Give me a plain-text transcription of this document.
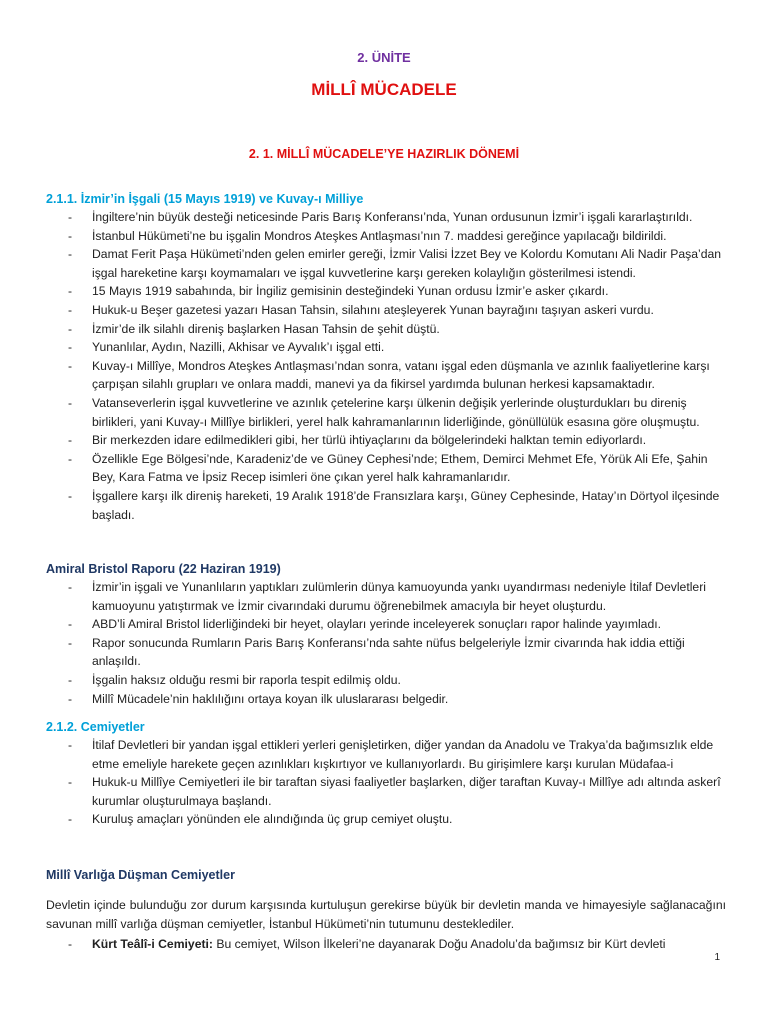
2. ÜNİTE
MİLLÎ MÜCADELE
2. 1. MİLLÎ MÜCADELE’YE HAZIRLIK DÖNEMİ
2.1.1. İzmir’in İşgali (15 Mayıs 1919) ve Kuvay-ı Milliye
- İngiltere’nin büyük desteği neticesinde Paris Barış Konferansı’nda, Yunan ordusunun İzmir’i işgali kararlaştırıldı.
- İstanbul Hükümeti’ne bu işgalin Mondros Ateşkes Antlaşması’nın 7. maddesi gereğince yapılacağı bildirildi.
- Damat Ferit Paşa Hükümeti’nden gelen emirler gereği, İzmir Valisi İzzet Bey ve Kolordu Komutanı Ali Nadir Paşa’dan işgal hareketine karşı koymamaları ve işgal kuvvetlerine karşı gereken kolaylığın gösterilmesi istendi.
- 15 Mayıs 1919 sabahında, bir İngiliz gemisinin desteğindeki Yunan ordusu İzmir’e asker çıkardı.
- Hukuk-u Beşer gazetesi yazarı Hasan Tahsin, silahını ateşleyerek Yunan bayrağını taşıyan askeri vurdu.
- İzmir’de ilk silahlı direniş başlarken Hasan Tahsin de şehit düştü.
- Yunanlılar, Aydın, Nazilli, Akhisar ve Ayvalık’ı işgal etti.
- Kuvay-ı Millîye, Mondros Ateşkes Antlaşması’ndan sonra, vatanı işgal eden düşmanla ve azınlık faaliyetlerine karşı çarpışan silahlı grupları ve onlara maddi, manevi ya da fikirsel yardımda bulunan herkesi kapsamaktadır.
- Vatanseverlerin işgal kuvvetlerine ve azınlık çetelerine karşı ülkenin değişik yerlerinde oluşturdukları bu direniş birlikleri, yani Kuvay-ı Millîye birlikleri, yerel halk kahramanlarının liderliğinde, gönüllülük esasına göre oluşmuştu.
- Bir merkezden idare edilmedikleri gibi, her türlü ihtiyaçlarını da bölgelerindeki halktan temin ediyorlardı.
- Özellikle Ege Bölgesi’nde, Karadeniz’de ve Güney Cephesi’nde; Ethem, Demirci Mehmet Efe, Yörük Ali Efe, Şahin Bey, Kara Fatma ve İpsiz Recep isimleri öne çıkan yerel halk kahramanlarıdır.
- İşgallere karşı ilk direniş hareketi, 19 Aralık 1918’de Fransızlara karşı, Güney Cephesinde, Hatay’ın Dörtyol ilçesinde başladı.
Amiral Bristol Raporu (22 Haziran 1919)
- İzmir’in işgali ve Yunanlıların yaptıkları zulümlerin dünya kamuoyunda yankı uyandırması nedeniyle İtilaf Devletleri kamuoyunu yatıştırmak ve İzmir civarındaki durumu öğrenebilmek amacıyla bir heyet oluşturdu.
- ABD’li Amiral Bristol liderliğindeki bir heyet, olayları yerinde inceleyerek sonuçları rapor halinde yayımladı.
- Rapor sonucunda Rumların Paris Barış Konferansı’nda sahte nüfus belgeleriyle İzmir civarında hak iddia ettiği anlaşıldı.
- İşgalin haksız olduğu resmi bir raporla tespit edilmiş oldu.
- Millî Mücadele’nin haklılığını ortaya koyan ilk uluslararası belgedir.
2.1.2. Cemiyetler
- İtilaf Devletleri bir yandan işgal ettikleri yerleri genişletirken, diğer yandan da Anadolu ve Trakya’da bağımsızlık elde etme emeliyle harekete geçen azınlıkları kışkırtıyor ve kullanıyorlardı. Bu girişimlere karşı kurulan Müdafaa-i
- Hukuk-u Millîye Cemiyetleri ile bir taraftan siyasi faaliyetler başlarken, diğer taraftan Kuvay-ı Millîye adı altında askerî kurumlar oluşturulmaya başlandı.
- Kuruluş amaçları yönünden ele alındığında üç grup cemiyet oluştu.
Millî Varlığa Düşman Cemiyetler
Devletin içinde bulunduğu zor durum karşısında kurtuluşun gerekirse büyük bir devletin manda ve himayesiyle sağlanacağını savunan millî varlığa düşman cemiyetler, İstanbul Hükümeti’nin tutumunu desteklediler.
- Kürt Teâlî-i Cemiyeti: Bu cemiyet, Wilson İlkeleri’ne dayanarak Doğu Anadolu’da bağımsız bir Kürt devleti
1
